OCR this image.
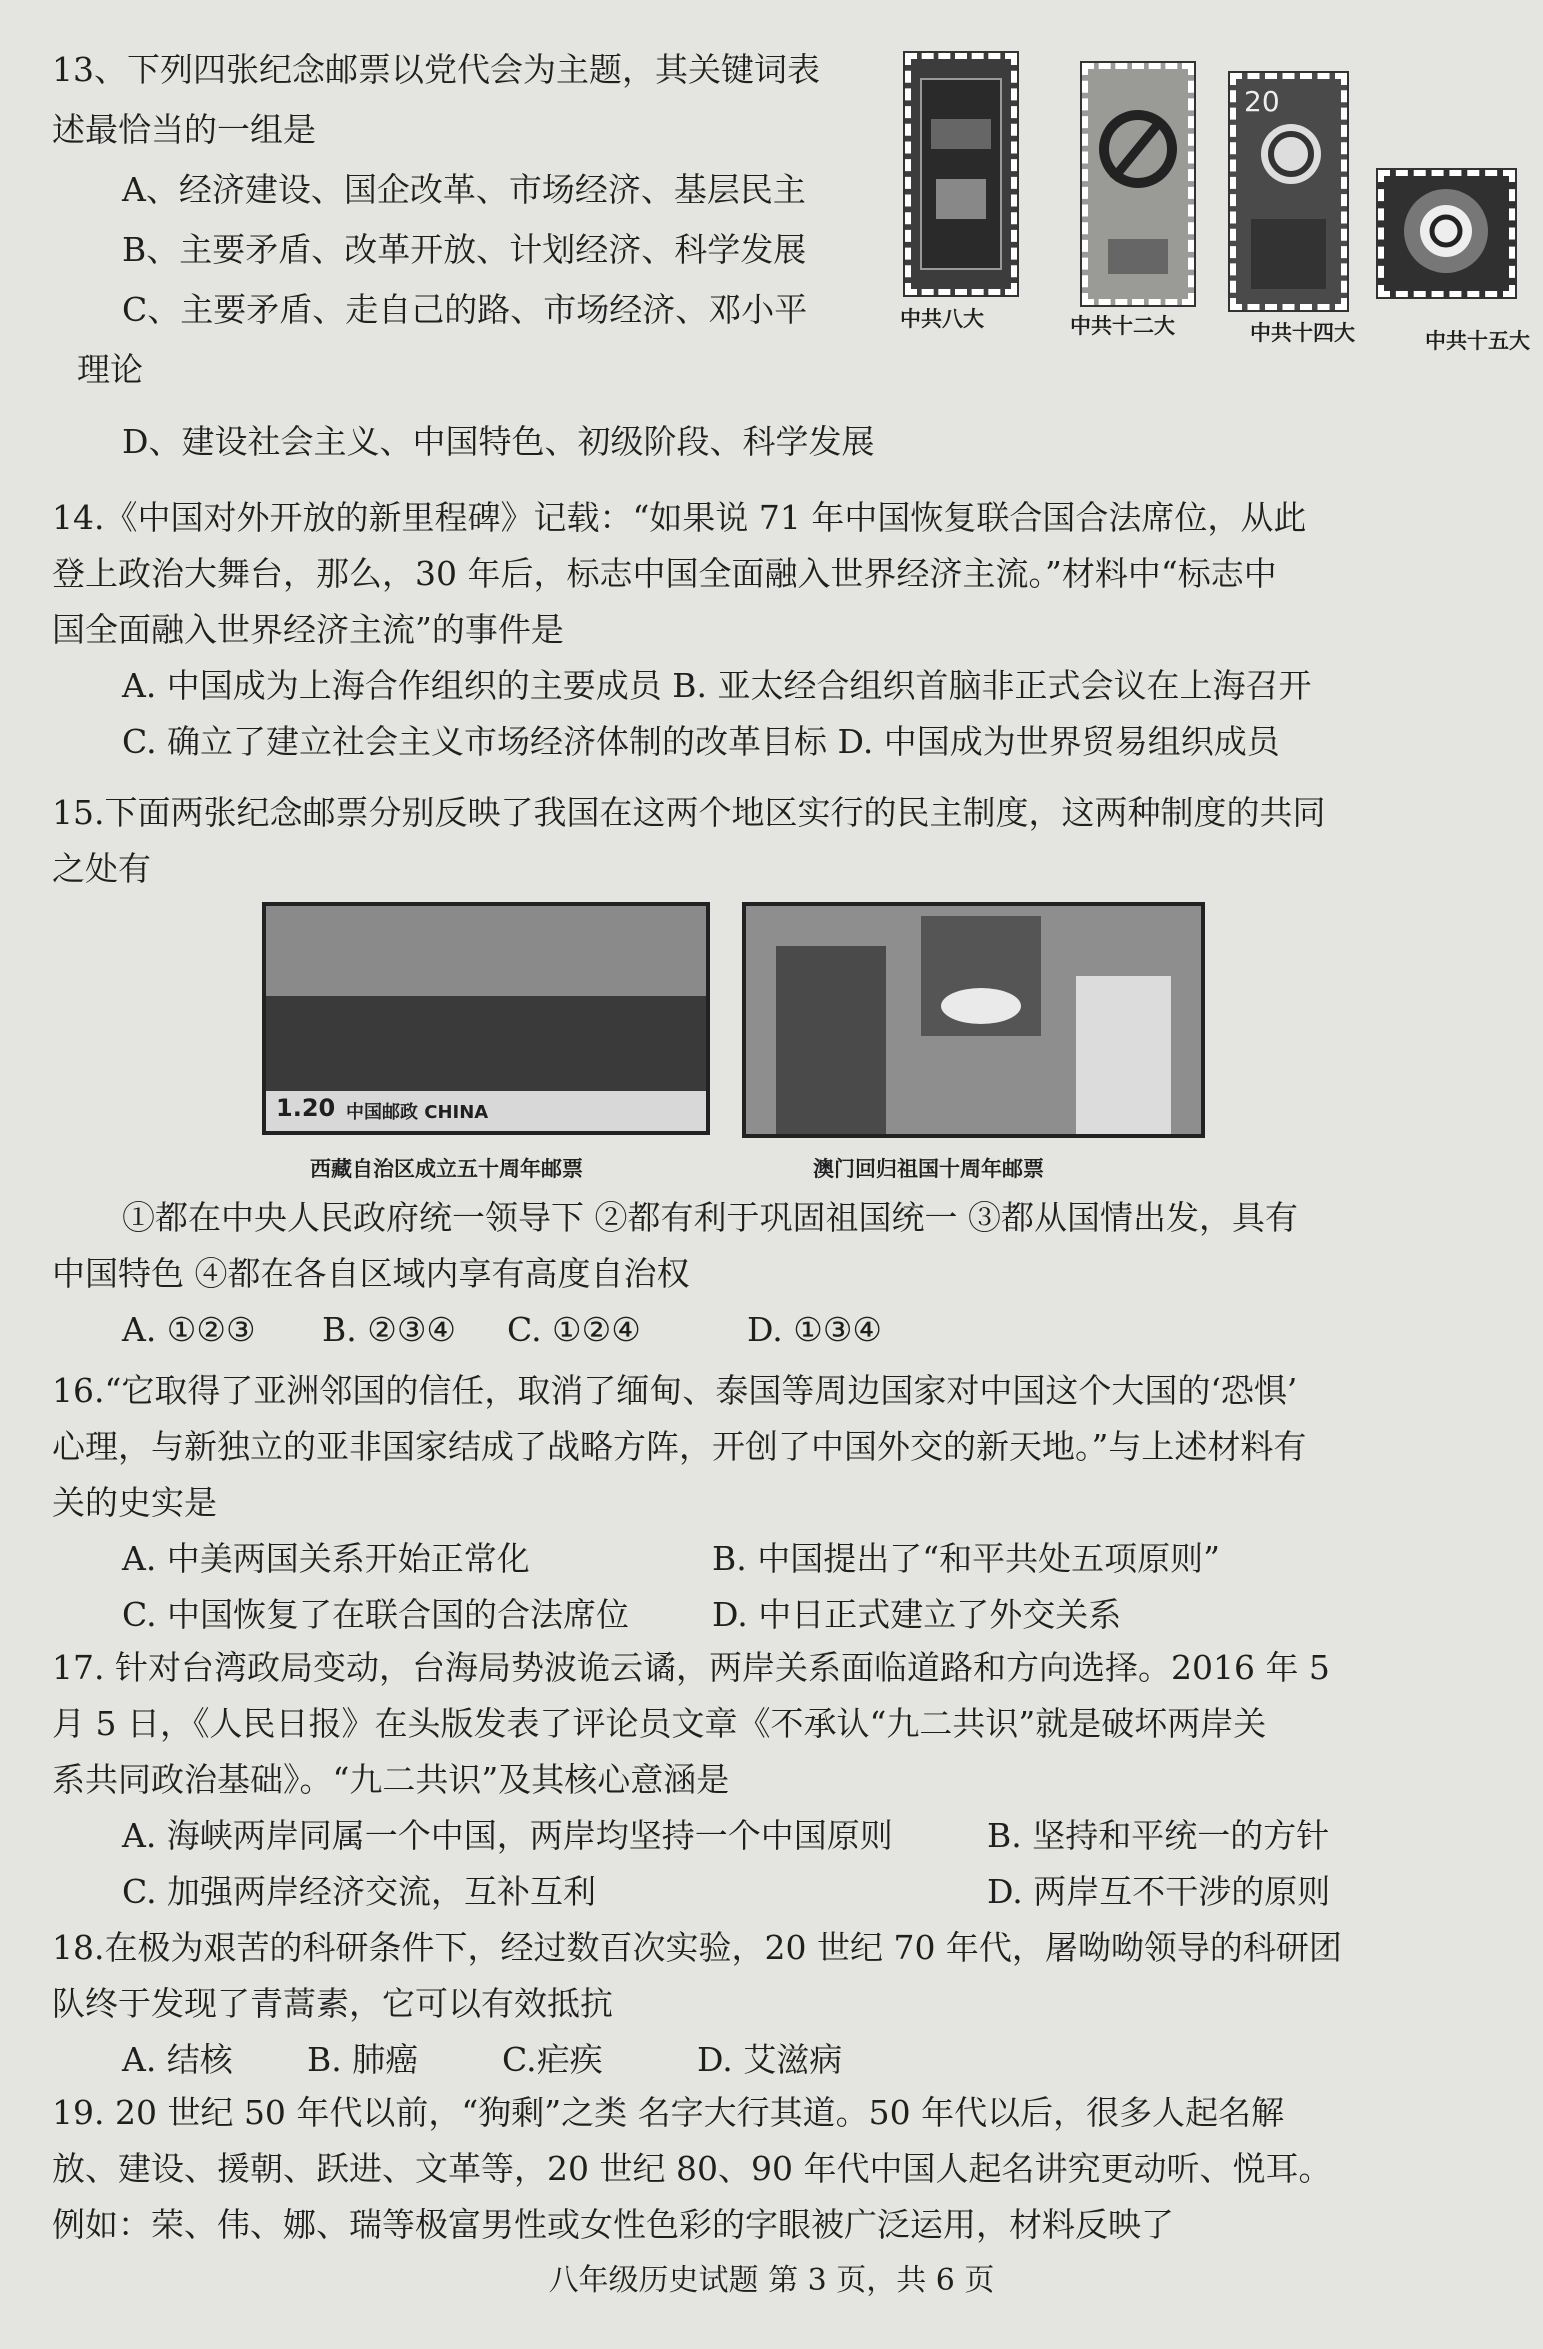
13、下列四张纪念邮票以党代会为主题，其关键词表

述最恰当的一组是

A、经济建设、国企改革、市场经济、基层民主

B、主要矛盾、改革开放、计划经济、科学发展

C、主要矛盾、走自己的路、市场经济、邓小平

理论

D、建设社会主义、中国特色、初级阶段、科学发展

20
中共八大	中共十二大	中共十四大	中共十五大

14.《中国对外开放的新里程碑》记载：“如果说 71 年中国恢复联合国合法席位，从此

登上政治大舞台，那么，30 年后，标志中国全面融入世界经济主流。”材料中“标志中

国全面融入世界经济主流”的事件是

A. 中国成为上海合作组织的主要成员 B. 亚太经合组织首脑非正式会议在上海召开

C. 确立了建立社会主义市场经济体制的改革目标 D. 中国成为世界贸易组织成员

15.下面两张纪念邮票分别反映了我国在这两个地区实行的民主制度，这两种制度的共同

之处有

1.20 中国邮政 CHINA
西藏自治区成立五十周年邮票	澳门回归祖国十周年邮票

①都在中央人民政府统一领导下 ②都有利于巩固祖国统一 ③都从国情出发，具有

中国特色 ④都在各自区域内享有高度自治权

A. ①②③	B. ②③④	C. ①②④	D. ①③④

16.“它取得了亚洲邻国的信任，取消了缅甸、泰国等周边国家对中国这个大国的‘恐惧’

心理，与新独立的亚非国家结成了战略方阵，开创了中国外交的新天地。”与上述材料有

关的史实是

A. 中美两国关系开始正常化	B. 中国提出了“和平共处五项原则”
C. 中国恢复了在联合国的合法席位	D. 中日正式建立了外交关系

17. 针对台湾政局变动，台海局势波诡云谲，两岸关系面临道路和方向选择。2016 年 5

月 5 日，《人民日报》在头版发表了评论员文章《不承认“九二共识”就是破坏两岸关

系共同政治基础》。“九二共识”及其核心意涵是

A. 海峡两岸同属一个中国，两岸均坚持一个中国原则	B. 坚持和平统一的方针
C. 加强两岸经济交流，互补互利	D. 两岸互不干涉的原则

18.在极为艰苦的科研条件下，经过数百次实验，20 世纪 70 年代，屠呦呦领导的科研团

队终于发现了青蒿素，它可以有效抵抗

A. 结核	B. 肺癌	C.疟疾	D. 艾滋病

19. 20 世纪 50 年代以前，“狗剩”之类 名字大行其道。50 年代以后，很多人起名解

放、建设、援朝、跃进、文革等，20 世纪 80、90 年代中国人起名讲究更动听、悦耳。

例如：荣、伟、娜、瑞等极富男性或女性色彩的字眼被广泛运用，材料反映了

八年级历史试题 第 3 页，共 6 页
